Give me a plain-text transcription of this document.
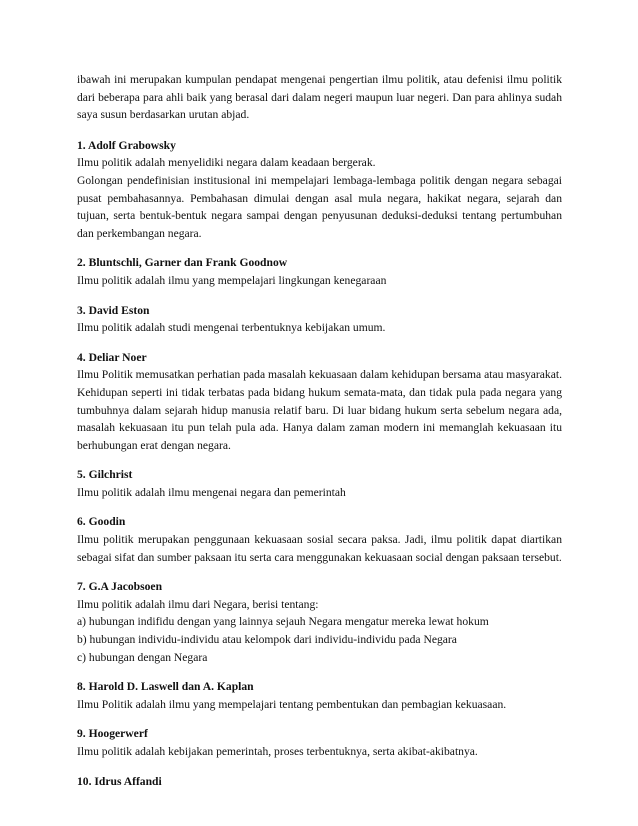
ibawah ini merupakan kumpulan pendapat mengenai pengertian ilmu politik, atau defenisi ilmu politik dari beberapa para ahli baik yang berasal dari dalam negeri maupun luar negeri. Dan para ahlinya sudah saya susun berdasarkan urutan abjad.

1. Adolf Grabowsky

Ilmu politik adalah menyelidiki negara dalam keadaan bergerak.

Golongan pendefinisian institusional ini mempelajari lembaga-lembaga politik dengan negara sebagai pusat pembahasannya. Pembahasan dimulai dengan asal mula negara, hakikat negara, sejarah dan tujuan, serta bentuk-bentuk negara sampai dengan penyusunan deduksi-deduksi tentang pertumbuhan dan perkembangan negara.

2. Bluntschli, Garner dan Frank Goodnow

Ilmu politik adalah ilmu yang mempelajari lingkungan kenegaraan

3. David Eston

Ilmu politik adalah studi mengenai terbentuknya kebijakan umum.

4. Deliar Noer

Ilmu Politik memusatkan perhatian pada masalah kekuasaan dalam kehidupan bersama atau masyarakat. Kehidupan seperti ini tidak terbatas pada bidang hukum semata-mata, dan tidak pula pada negara yang tumbuhnya dalam sejarah hidup manusia relatif baru. Di luar bidang hukum serta sebelum negara ada, masalah kekuasaan itu pun telah pula ada. Hanya dalam zaman modern ini memanglah kekuasaan itu berhubungan erat dengan negara.

5. Gilchrist

Ilmu politik adalah ilmu mengenai negara dan pemerintah

6. Goodin

Ilmu politik merupakan penggunaan kekuasaan sosial secara paksa. Jadi, ilmu politik dapat diartikan sebagai sifat dan sumber paksaan itu serta cara menggunakan kekuasaan social dengan paksaan tersebut.

7. G.A Jacobsoen

Ilmu politik adalah ilmu dari Negara, berisi tentang:

a) hubungan indifidu dengan yang lainnya sejauh Negara mengatur mereka lewat hokum

b) hubungan individu-individu atau kelompok dari individu-individu pada Negara

c) hubungan dengan Negara

8. Harold D. Laswell dan A. Kaplan

Ilmu Politik adalah ilmu yang mempelajari tentang pembentukan dan pembagian kekuasaan.

9. Hoogerwerf

Ilmu politik adalah kebijakan pemerintah, proses terbentuknya, serta akibat-akibatnya.

10. Idrus Affandi
